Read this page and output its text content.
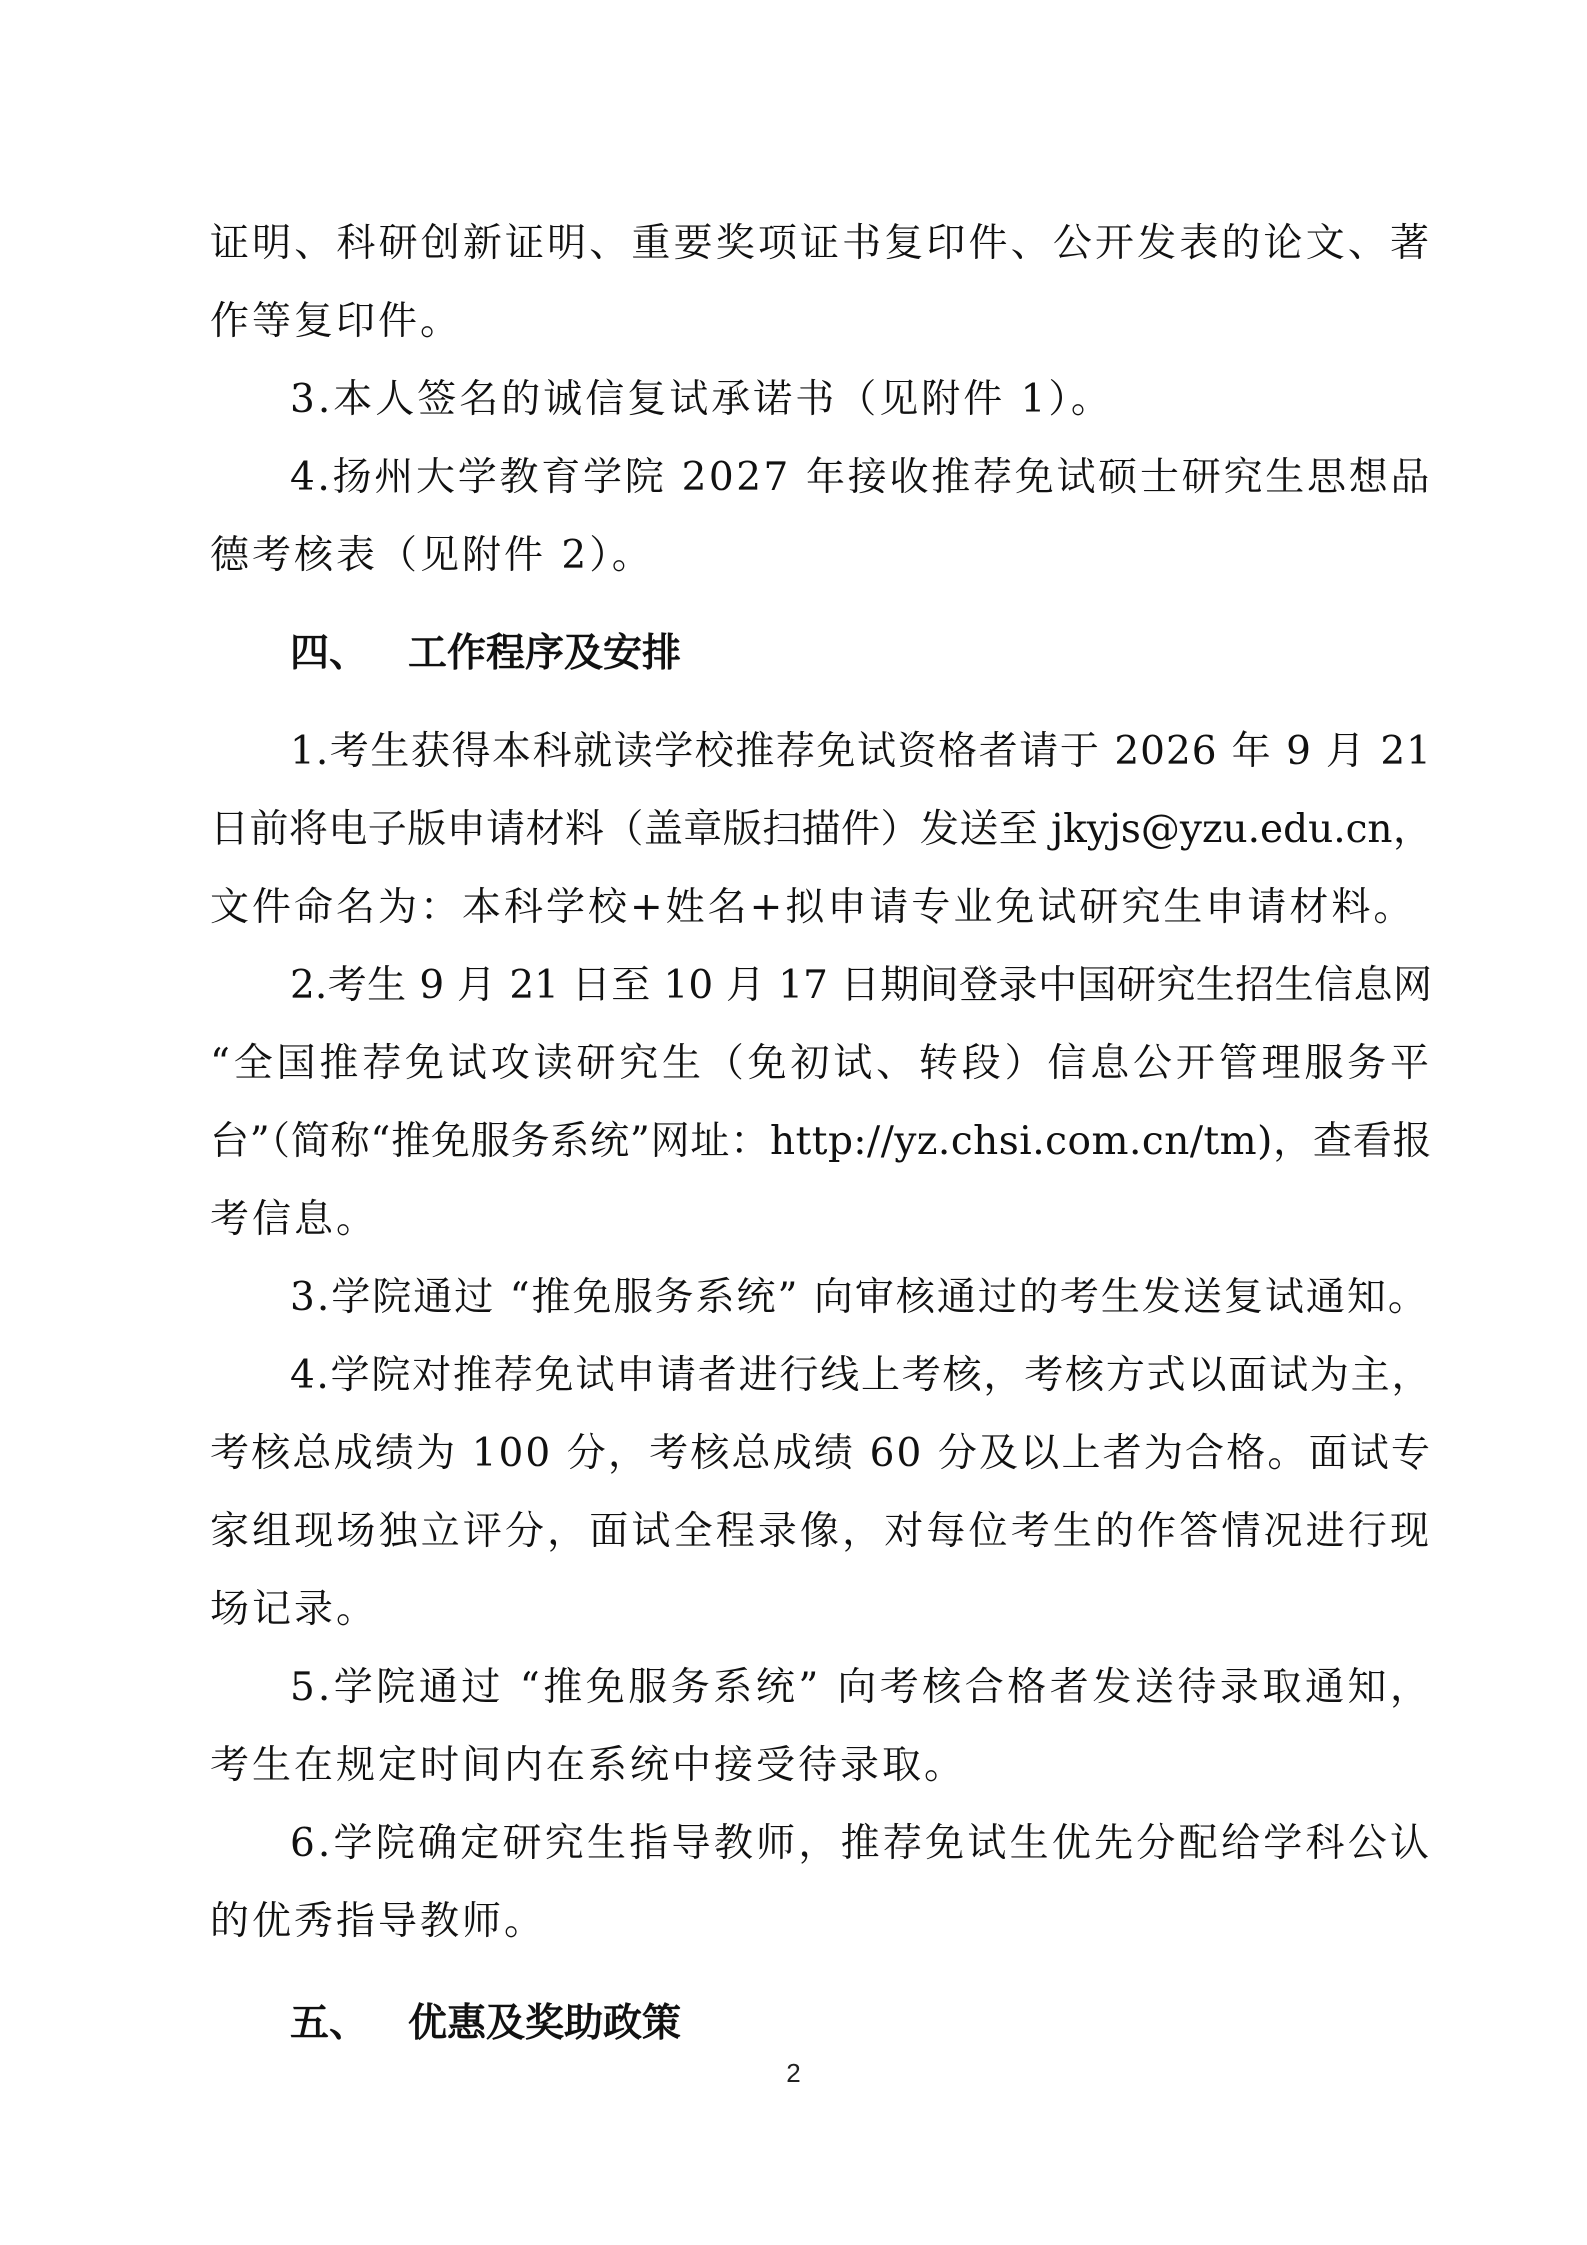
证明、科研创新证明、重要奖项证书复印件、公开发表的论文、著
作等复印件。
3.本人签名的诚信复试承诺书（见附件 1）。
4.扬州大学教育学院 2027 年接收推荐免试硕士研究生思想品
德考核表（见附件 2）。
四、 工作程序及安排
1.考生获得本科就读学校推荐免试资格者请于 2026 年 9 月 21
日前将电子版申请材料（盖章版扫描件）发送至 jkyjs@yzu.edu.cn，
文件命名为：本科学校+姓名+拟申请专业免试研究生申请材料。
2.考生 9 月 21 日至 10 月 17 日期间登录中国研究生招生信息网
“全国推荐免试攻读研究生（免初试、转段）信息公开管理服务平
台”（简称“推免服务系统”网址：http://yz.chsi.com.cn/tm)，查看报
考信息。
3.学院通过 “推免服务系统” 向审核通过的考生发送复试通知。
4.学院对推荐免试申请者进行线上考核，考核方式以面试为主，
考核总成绩为 100 分，考核总成绩 60 分及以上者为合格。面试专
家组现场独立评分，面试全程录像，对每位考生的作答情况进行现
场记录。
5.学院通过 “推免服务系统” 向考核合格者发送待录取通知，
考生在规定时间内在系统中接受待录取。
6.学院确定研究生指导教师，推荐免试生优先分配给学科公认
的优秀指导教师。
五、 优惠及奖助政策
2
